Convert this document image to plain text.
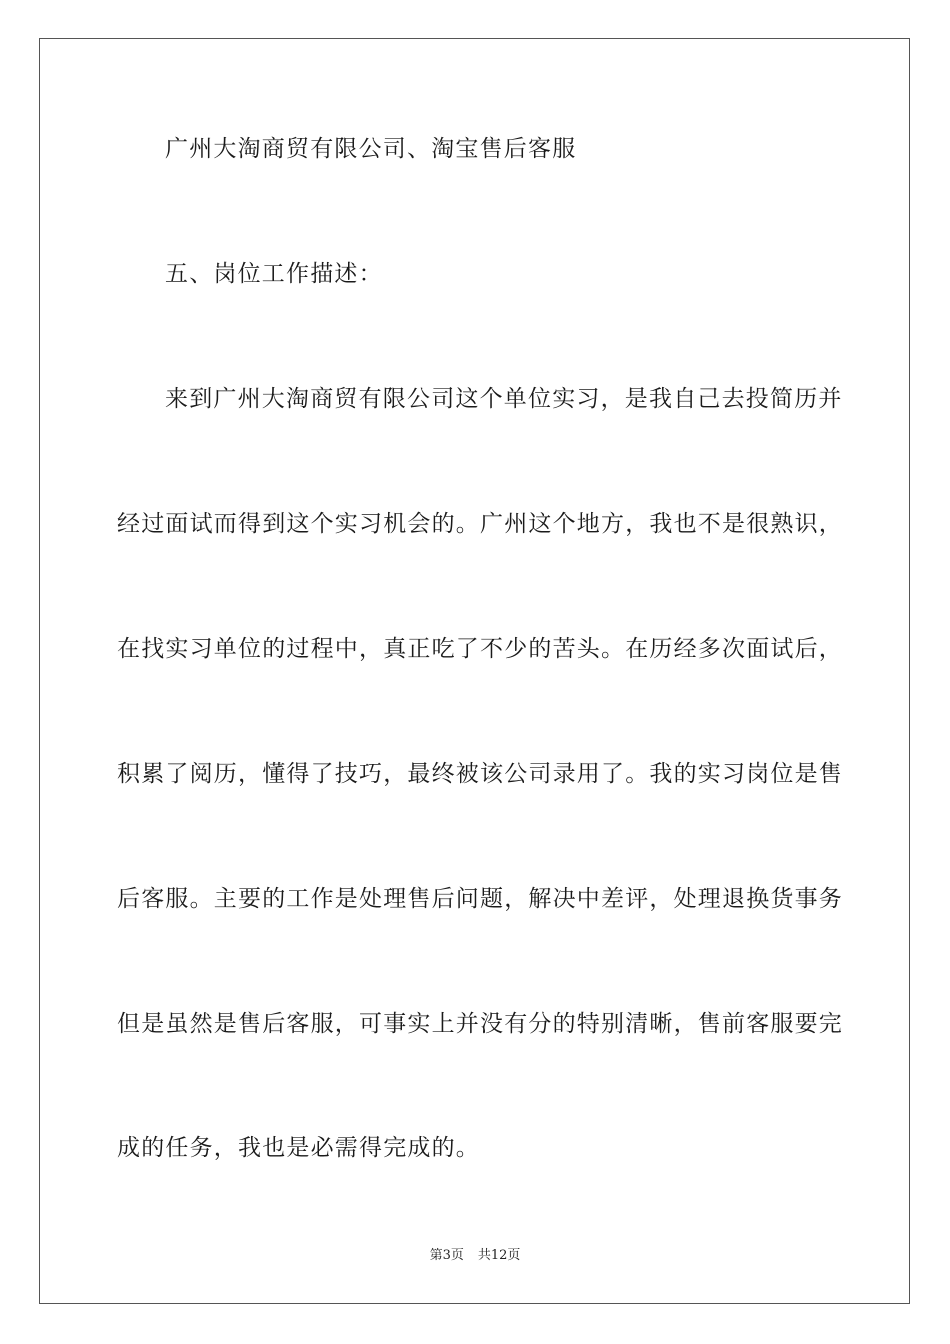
广州大淘商贸有限公司、淘宝售后客服
五、岗位工作描述：
来到广州大淘商贸有限公司这个单位实习，是我自己去投简历并
经过面试而得到这个实习机会的。广州这个地方，我也不是很熟识，
在找实习单位的过程中，真正吃了不少的苦头。在历经多次面试后，
积累了阅历，懂得了技巧，最终被该公司录用了。我的实习岗位是售
后客服。主要的工作是处理售后问题，解决中差评，处理退换货事务
但是虽然是售后客服，可事实上并没有分的特别清晰，售前客服要完
成的任务，我也是必需得完成的。
第3页 共12页
